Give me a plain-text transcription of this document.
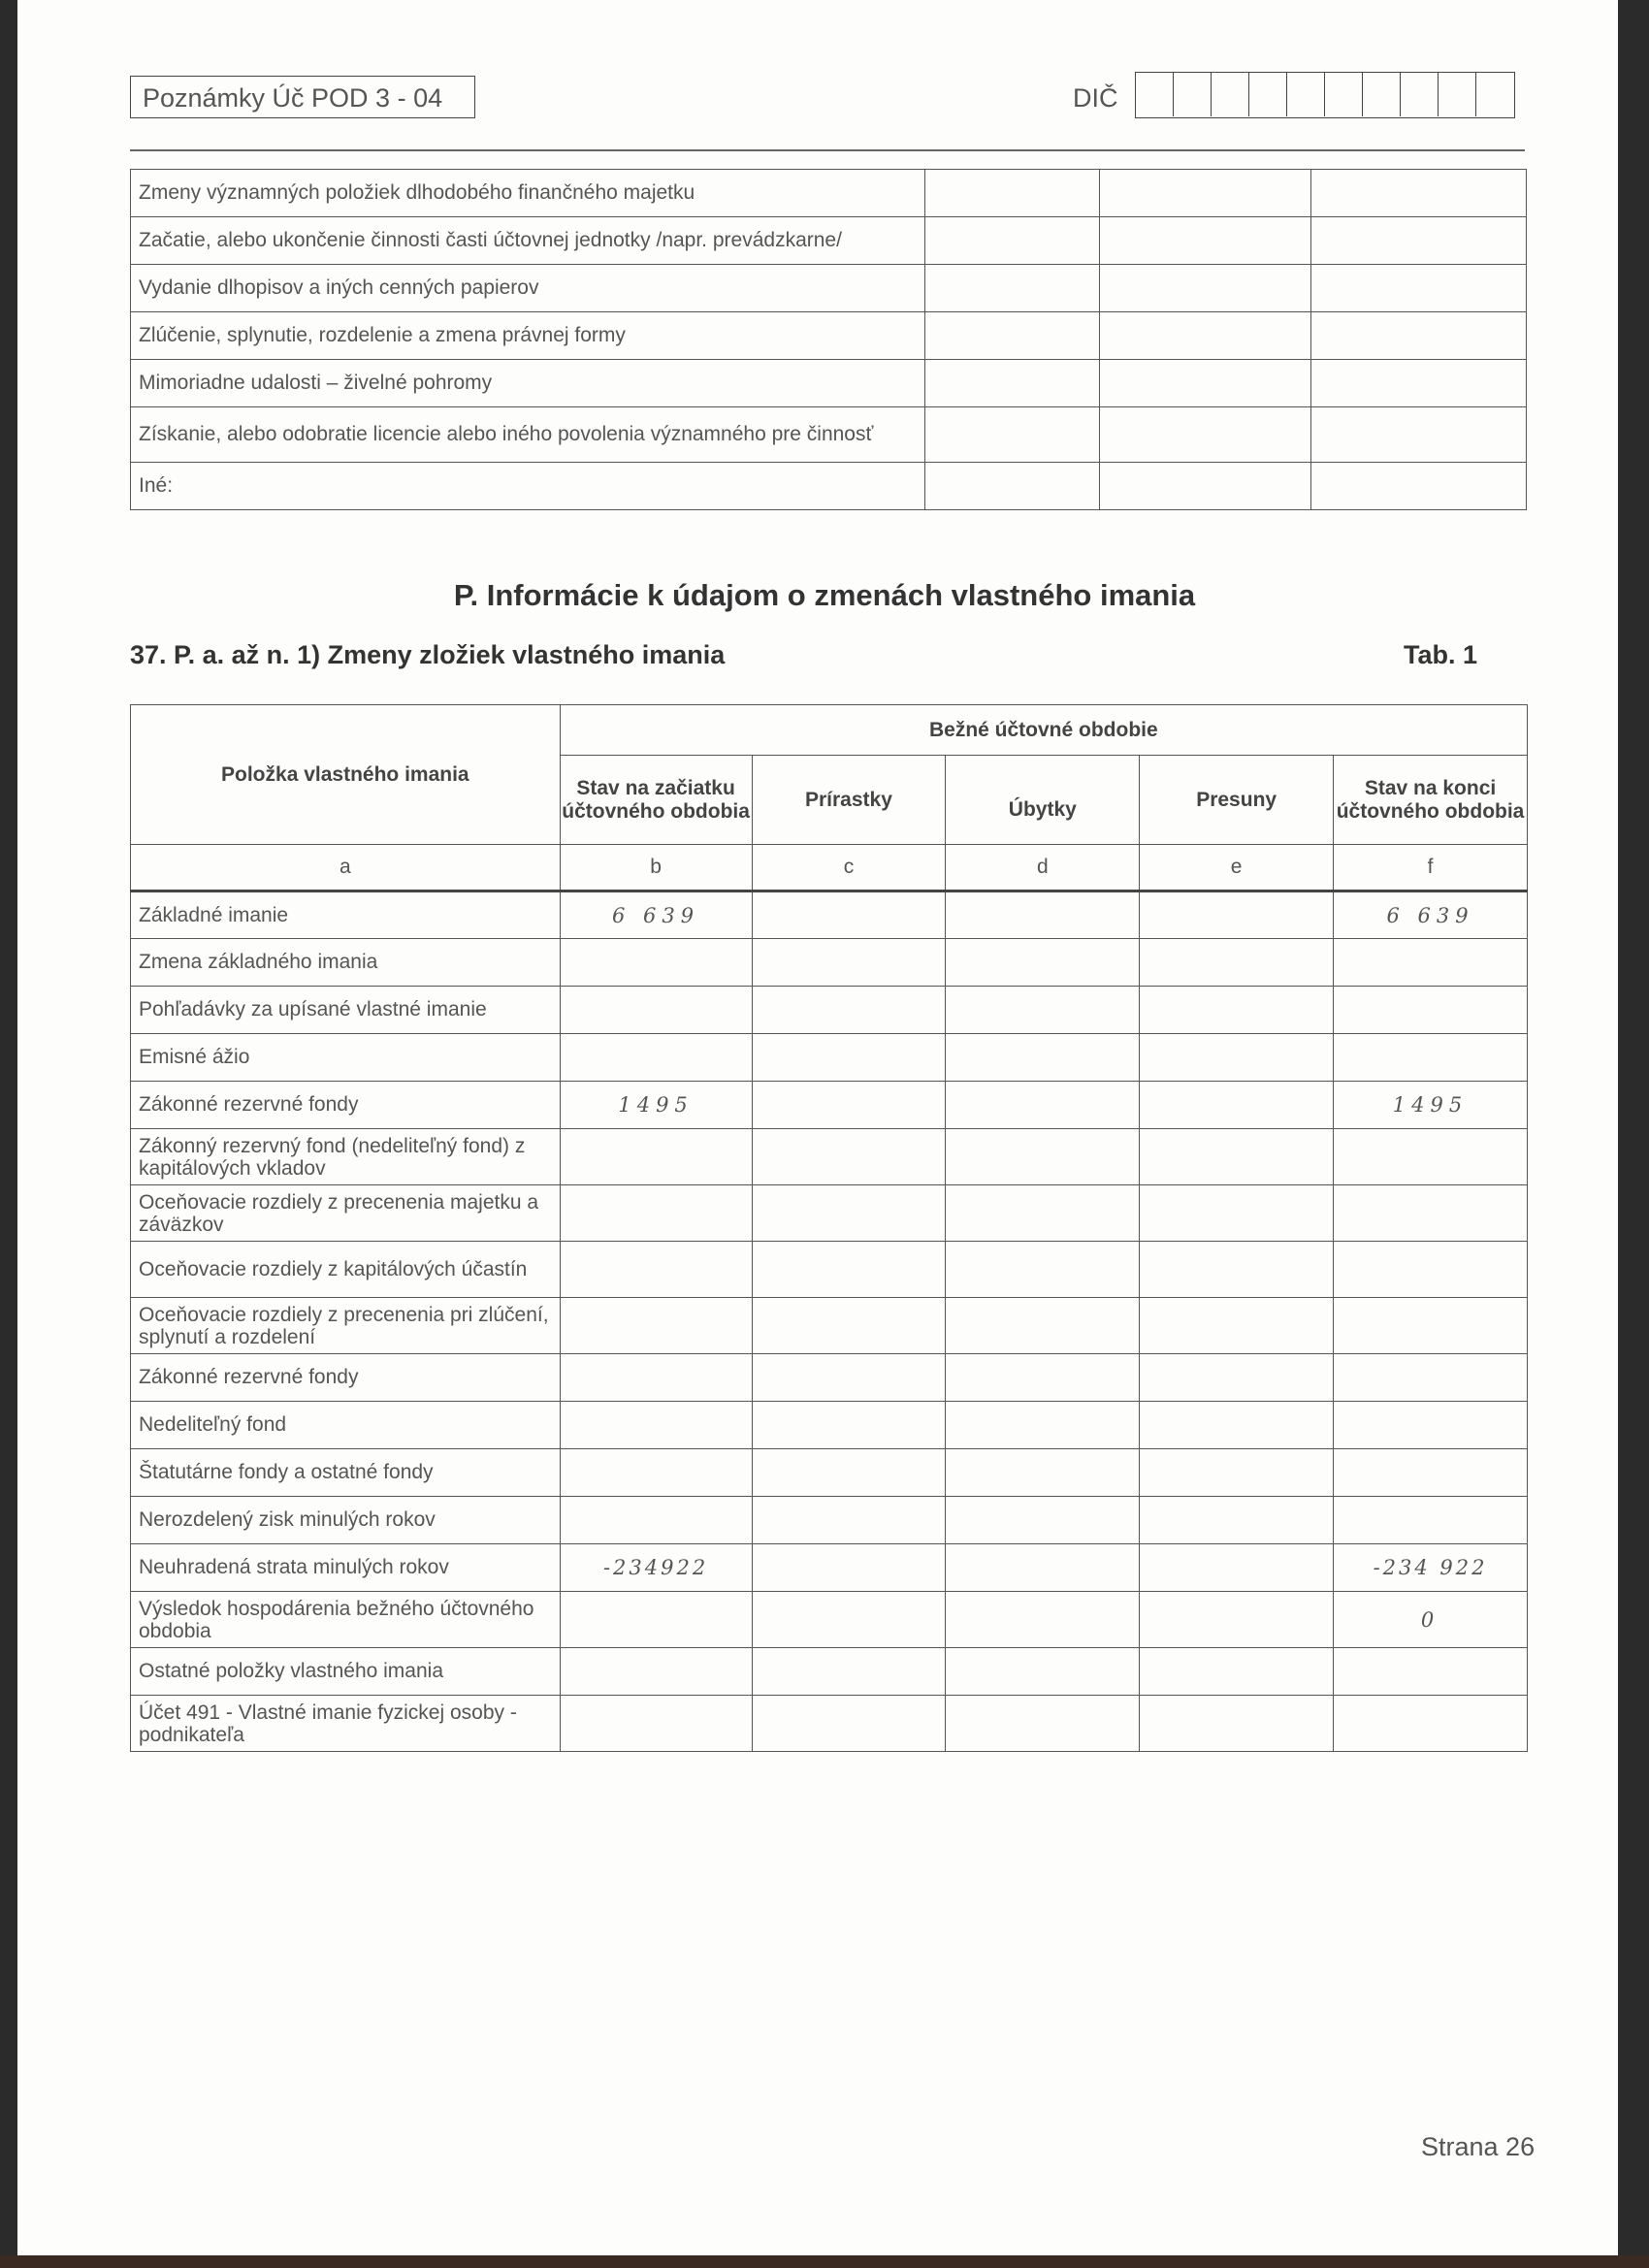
Poznámky Úč POD 3 - 04	DIČ
Zmeny významných položiek dlhodobého finančného majetku			
Začatie, alebo ukončenie činnosti časti účtovnej jednotky /napr. prevádzkarne/			
Vydanie dlhopisov a iných cenných papierov			
Zlúčenie, splynutie, rozdelenie a zmena právnej formy			
Mimoriadne udalosti – živelné pohromy			
Získanie, alebo odobratie licencie alebo iného povolenia významného pre činnosť			
Iné:			
P. Informácie k údajom o zmenách vlastného imania
37. P. a. až n. 1) Zmeny zložiek vlastného imania	Tab. 1
Položka vlastného imania	Bežné účtovné obdobie				
	Stav na začiatku účtovného obdobia	Prírastky	Úbytky	Presuny	Stav na konci účtovného obdobia
a	b	c	d	e	f
Základné imanie	6 639				6 639
Zmena základného imania					
Pohľadávky za upísané vlastné imanie					
Emisné ážio					
Zákonné rezervné fondy	1495				1495
Zákonný rezervný fond (nedeliteľný fond) z kapitálových vkladov					
Oceňovacie rozdiely z precenenia majetku a záväzkov					
Oceňovacie rozdiely z kapitálových účastín					
Oceňovacie rozdiely z precenenia pri zlúčení, splynutí a rozdelení					
Zákonné rezervné fondy					
Nedeliteľný fond					
Štatutárne fondy a ostatné fondy					
Nerozdelený zisk minulých rokov					
Neuhradená strata minulých rokov	-234922				-234 922
Výsledok hospodárenia bežného účtovného obdobia					0
Ostatné položky vlastného imania					
Účet 491 - Vlastné imanie fyzickej osoby - podnikateľa					
Strana 26
